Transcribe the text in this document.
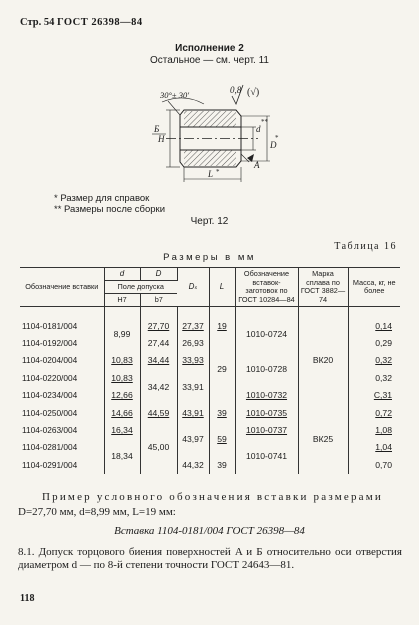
Стр. 54 ГОСТ 26398—84
Исполнение 2
Остальное — см. черт. 11
30°± 30'	0,8 (√)
H
Б	d
**
D
*
A
L *
* Размер для справок
** Размеры после сборки
Черт. 12
Таблица 16
Размеры в мм
Обозначение вставки	d	D	Dₛ	L	Обозначение вставок-заготовок по ГОСТ 10284—84	Марка сплава по ГОСТ 3882—74	Масса, кг, не более
	Поле допуска						
	H7	b7					
1104-0181/004	8,99	27,70	27,37	19	1010-0724	ВК20	0,14
1104-0192/004		27,44	26,93	29			0,29
1104-0204/004	10,83	34,44	33,93		1010-0728		0,32
1104-0220/004	10,83	34,42	33,91				0,32
1104-0234/004	12,66				1010-0732		С,31
1104-0250/004	14,66	44,59	43,91	39	1010-0735	ВК25	0,72
1104-0263/004	16,34	45,00	43,97	59	1010-0737		1,08
1104-0281/004	18,34				1010-0741		1,04
1104-0291/004			44,32	39			0,70
Пример условного обозначения вставки размерами
D=27,70 мм, d=8,99 мм, L=19 мм:
Вставка 1104-0181/004 ГОСТ 26398—84
8.1. Допуск торцового биения поверхностей A и Б относительно оси отверстия диаметром d — по 8-й степени точности ГОСТ 24643—81.
118
